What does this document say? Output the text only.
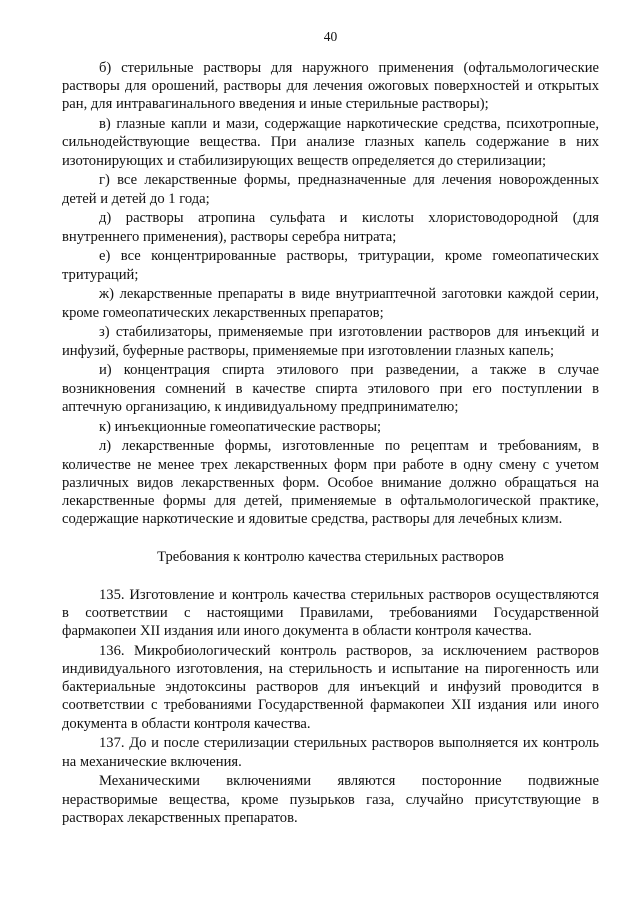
40

б) стерильные растворы для наружного применения (офтальмологические растворы для орошений, растворы для лечения ожоговых поверхностей и открытых ран, для интравагинального введения и иные стерильные растворы);

в) глазные капли и мази, содержащие наркотические средства, психотропные, сильнодействующие вещества. При анализе глазных капель содержание в них изотонирующих и стабилизирующих веществ определяется до стерилизации;

г) все лекарственные формы, предназначенные для лечения новорожденных детей и детей до 1 года;

д) растворы атропина сульфата и кислоты хлористоводородной (для внутреннего применения), растворы серебра нитрата;

е) все концентрированные растворы, тритурации, кроме гомеопатических тритураций;

ж) лекарственные препараты в виде внутриаптечной заготовки каждой серии, кроме гомеопатических лекарственных препаратов;

з) стабилизаторы, применяемые при изготовлении растворов для инъекций и инфузий, буферные растворы, применяемые при изготовлении глазных капель;

и) концентрация спирта этилового при разведении, а также в случае возникновения сомнений в качестве спирта этилового при его поступлении в аптечную организацию, к индивидуальному предпринимателю;

к) инъекционные гомеопатические растворы;

л) лекарственные формы, изготовленные по рецептам и требованиям, в количестве не менее трех лекарственных форм при работе в одну смену с учетом различных видов лекарственных форм. Особое внимание должно обращаться на лекарственные формы для детей, применяемые в офтальмологической практике, содержащие наркотические и ядовитые средства, растворы для лечебных клизм.

Требования к контролю качества стерильных растворов

135. Изготовление и контроль качества стерильных растворов осуществляются в соответствии с настоящими Правилами, требованиями Государственной фармакопеи XII издания или иного документа в области контроля качества.

136. Микробиологический контроль растворов, за исключением растворов индивидуального изготовления, на стерильность и испытание на пирогенность или бактериальные эндотоксины растворов для инъекций и инфузий проводится в соответствии с требованиями Государственной фармакопеи XII издания или иного документа в области контроля качества.

137. До и после стерилизации стерильных растворов выполняется их контроль на механические включения.

Механическими включениями являются посторонние подвижные нерастворимые вещества, кроме пузырьков газа, случайно присутствующие в растворах лекарственных препаратов.
